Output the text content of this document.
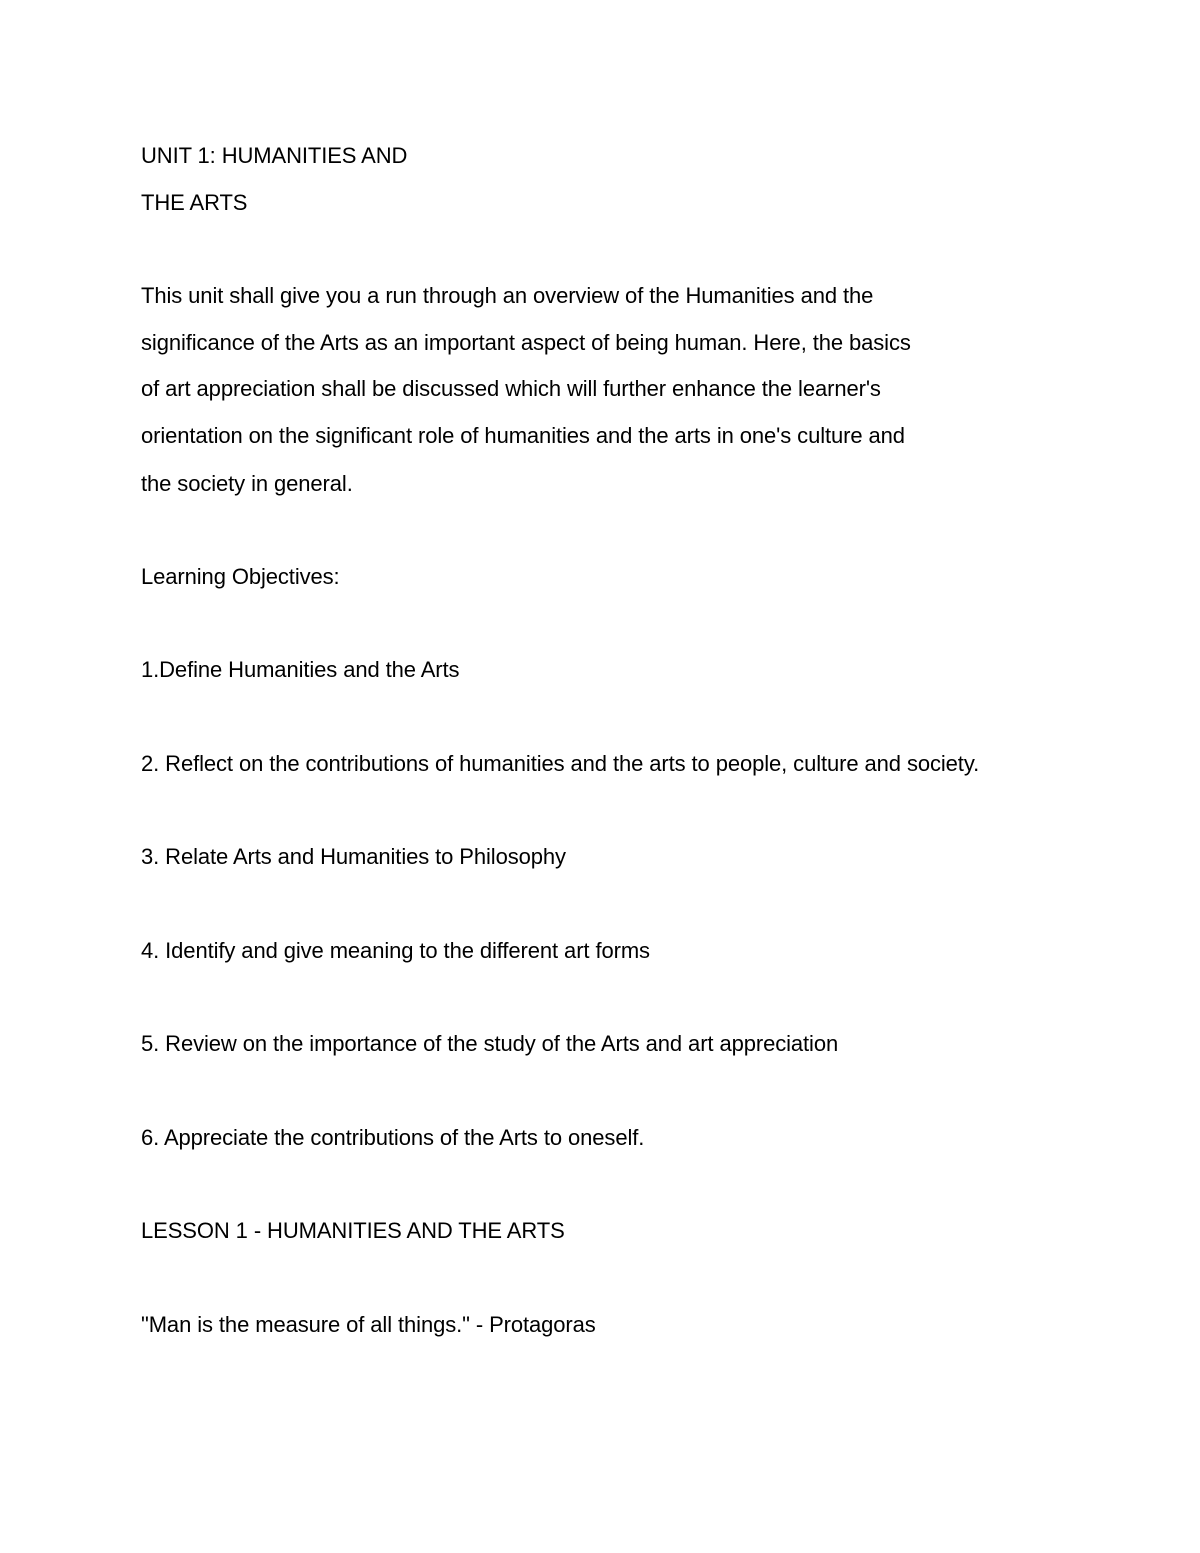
UNIT 1: HUMANITIES AND
THE ARTS
This unit shall give you a run through an overview of the Humanities and the
significance of the Arts as an important aspect of being human. Here, the basics
of art appreciation shall be discussed which will further enhance the learner's
orientation on the significant role of humanities and the arts in one's culture and
the society in general.
Learning Objectives:
1.Define Humanities and the Arts
2. Reflect on the contributions of humanities and the arts to people, culture and society.
3. Relate Arts and Humanities to Philosophy
4. Identify and give meaning to the different art forms
5. Review on the importance of the study of the Arts and art appreciation
6. Appreciate the contributions of the Arts to oneself.
LESSON 1 - HUMANITIES AND THE ARTS
"Man is the measure of all things." - Protagoras
